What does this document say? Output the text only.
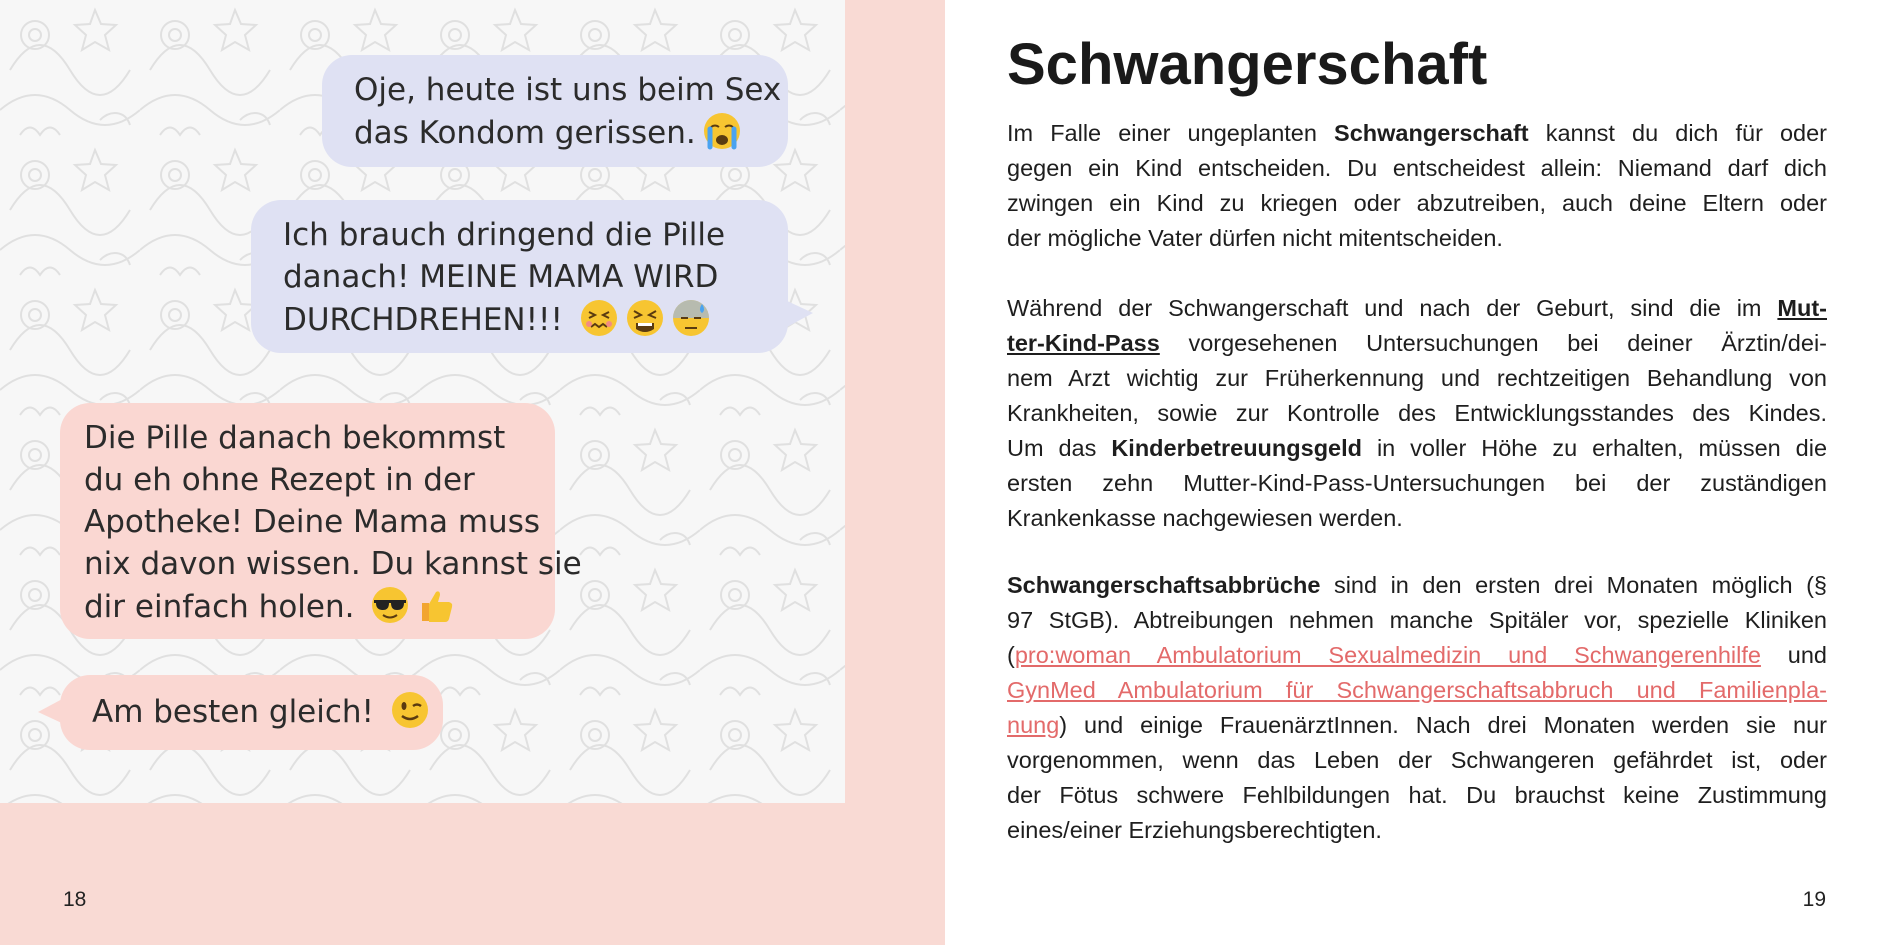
Oje, heute ist uns beim Sex
das Kondom gerissen.
Ich brauch dringend die Pille
danach! MEINE MAMA WIRD
DURCHDREHEN!!!
Die Pille danach bekommst
du eh ohne Rezept in der
Apotheke! Deine Mama muss
nix davon wissen. Du kannst sie
dir einfach holen.
Am besten gleich!
18
Schwangerschaft
Im Falle einer ungeplanten Schwangerschaft kannst du dich für oder
gegen ein Kind entscheiden. Du entscheidest allein: Niemand darf dich
zwingen ein Kind zu kriegen oder abzutreiben, auch deine Eltern oder
der mögliche Vater dürfen nicht mitentscheiden.
Während der Schwangerschaft und nach der Geburt, sind die im Mut-
ter-Kind-Pass vorgesehenen Untersuchungen bei deiner Ärztin/dei-
nem Arzt wichtig zur Früherkennung und rechtzeitigen Behandlung von
Krankheiten, sowie zur Kontrolle des Entwicklungsstandes des Kindes.
Um das Kinderbetreuungsgeld in voller Höhe zu erhalten, müssen die
ersten zehn Mutter-Kind-Pass-Untersuchungen bei der zuständigen
Krankenkasse nachgewiesen werden.
Schwangerschaftsabbrüche sind in den ersten drei Monaten möglich (§
97 StGB). Abtreibungen nehmen manche Spitäler vor, spezielle Kliniken
(pro:woman Ambulatorium Sexualmedizin und Schwangerenhilfe und
GynMed Ambulatorium für Schwangerschaftsabbruch und Familienpla-
nung) und einige FrauenärztInnen. Nach drei Monaten werden sie nur
vorgenommen, wenn das Leben der Schwangeren gefährdet ist, oder
der Fötus schwere Fehlbildungen hat. Du brauchst keine Zustimmung
eines/einer Erziehungsberechtigten.
19
